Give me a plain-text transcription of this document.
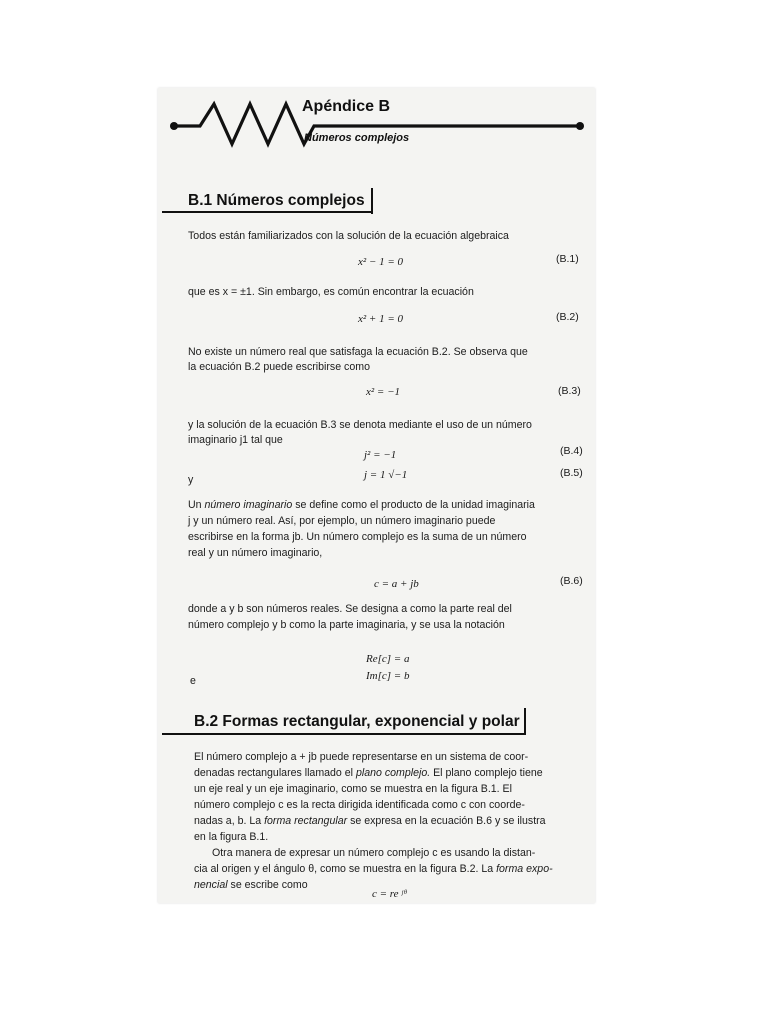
Apéndice B
Números complejos
B.1 Números complejos
Todos están familiarizados con la solución de la ecuación algebraica
x² − 1 = 0	(B.1)
que es x = ±1. Sin embargo, es común encontrar la ecuación
x² + 1 = 0	(B.2)
No existe un número real que satisfaga la ecuación B.2. Se observa que
la ecuación B.2 puede escribirse como
x² = −1	(B.3)
y la solución de la ecuación B.3 se denota mediante el uso de un número
imaginario j1 tal que
j² = −1	(B.4)
y	j = 1 √−1	(B.5)
Un número imaginario se define como el producto de la unidad imaginaria
j y un número real. Así, por ejemplo, un número imaginario puede
escribirse en la forma jb. Un número complejo es la suma de un número
real y un número imaginario,
c = a + jb	(B.6)
donde a y b son números reales. Se designa a como la parte real del
número complejo y b como la parte imaginaria, y se usa la notación
Re[c] = a
e	Im[c] = b
B.2 Formas rectangular, exponencial y polar
El número complejo a + jb puede representarse en un sistema de coor-
denadas rectangulares llamado el plano complejo. El plano complejo tiene
un eje real y un eje imaginario, como se muestra en la figura B.1. El
número complejo c es la recta dirigida identificada como c con coorde-
nadas a, b. La forma rectangular se expresa en la ecuación B.6 y se ilustra
en la figura B.1.
Otra manera de expresar un número complejo c es usando la distan-
cia al origen y el ángulo θ, como se muestra en la figura B.2. La forma expo-
nencial se escribe como
c = re ʲᶿ
